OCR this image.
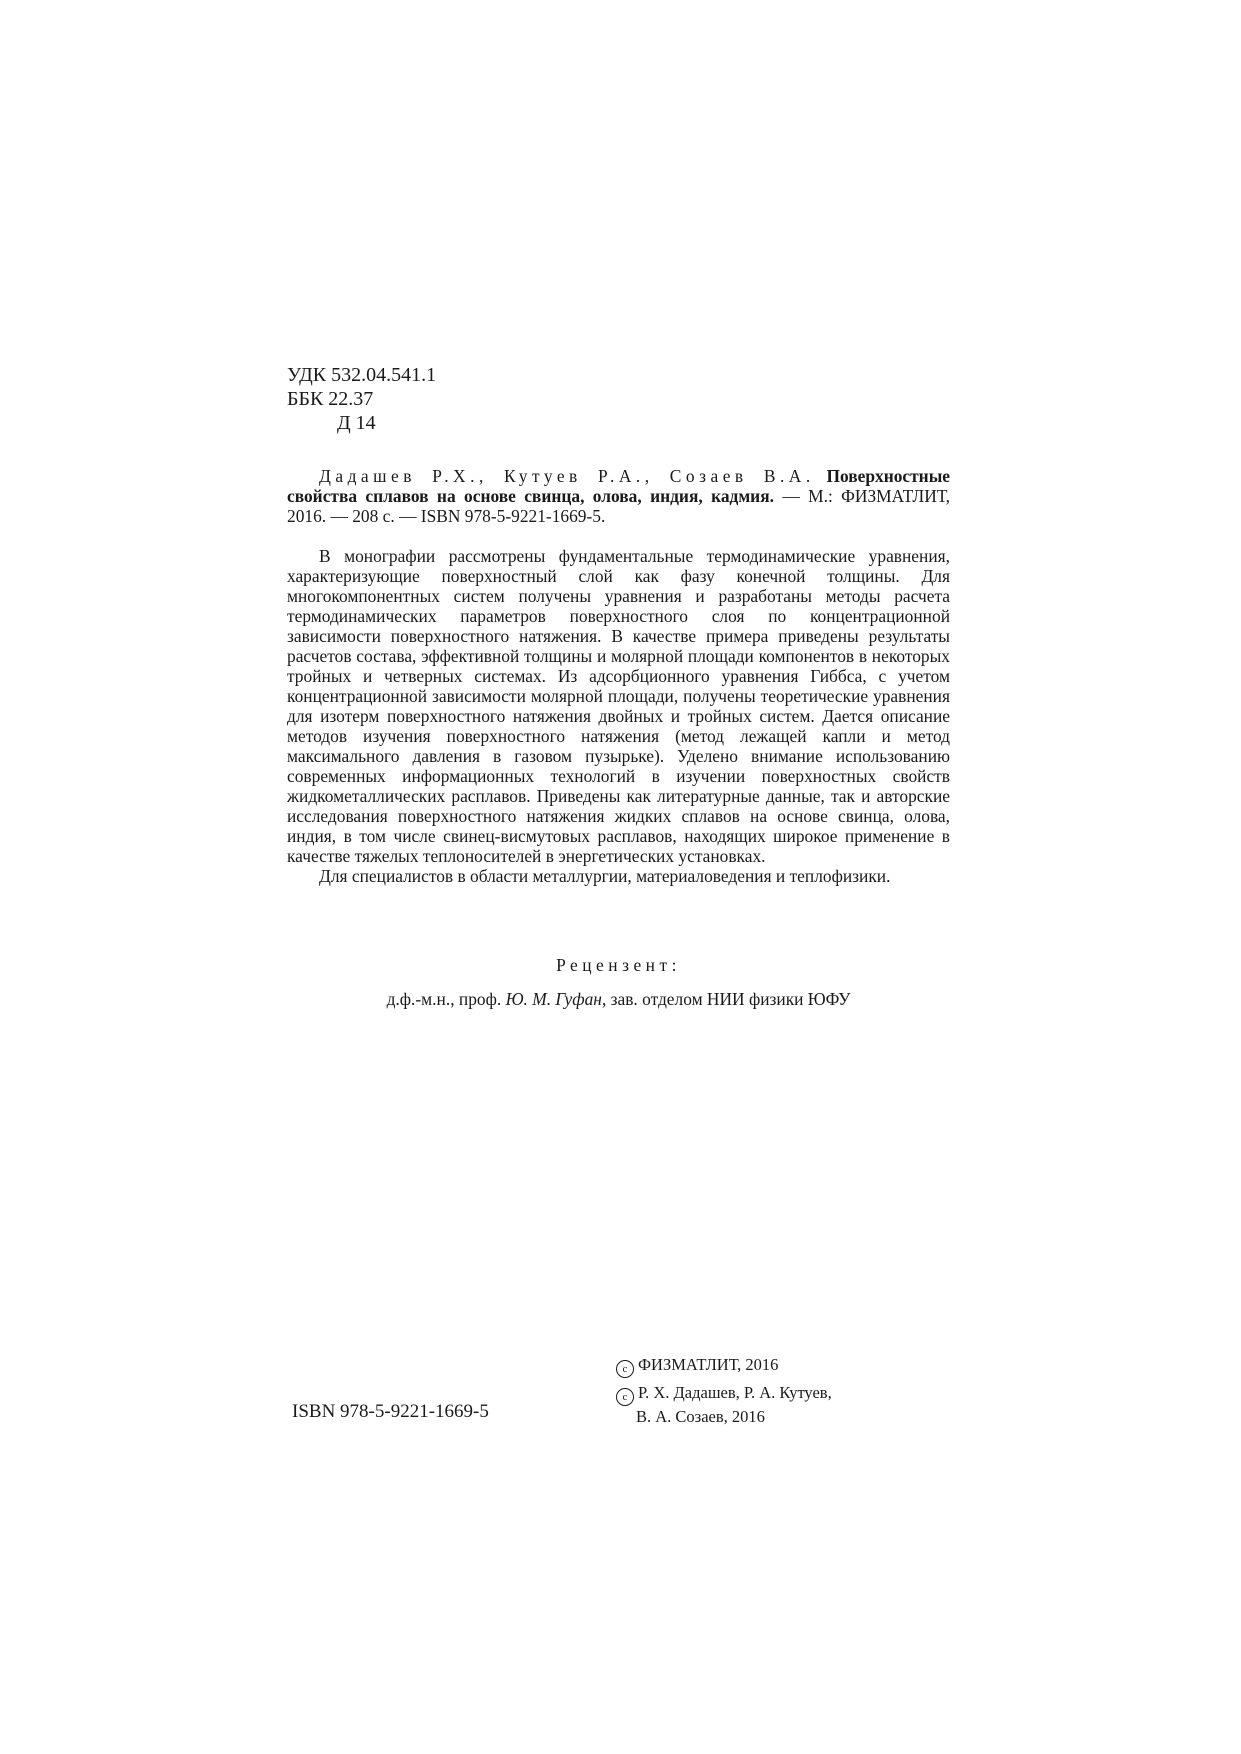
УДК 532.04.541.1
ББК 22.37
Д 14
Дадашев Р.Х., Кутуев Р.А., Созаев В.А. Поверхностные свойства сплавов на основе свинца, олова, индия, кадмия. — М.: ФИЗМАТЛИТ, 2016. — 208 с. — ISBN 978-5-9221-1669-5.

В монографии рассмотрены фундаментальные термодинамические уравнения, характеризующие поверхностный слой как фазу конечной толщины. Для многокомпонентных систем получены уравнения и разработаны методы расчета термодинамических параметров поверхностного слоя по концентрационной зависимости поверхностного натяжения. В качестве примера приведены результаты расчетов состава, эффективной толщины и молярной площади компонентов в некоторых тройных и четверных системах. Из адсорбционного уравнения Гиббса, с учетом концентрационной зависимости молярной площади, получены теоретические уравнения для изотерм поверхностного натяжения двойных и тройных систем. Дается описание методов изучения поверхностного натяжения (метод лежащей капли и метод максимального давления в газовом пузырьке). Уделено внимание использованию современных информационных технологий в изучении поверхностных свойств жидкометаллических расплавов. Приведены как литературные данные, так и авторские исследования поверхностного натяжения жидких сплавов на основе свинца, олова, индия, в том числе свинец-висмутовых расплавов, находящих широкое применение в качестве тяжелых теплоносителей в энергетических установках.

Для специалистов в области металлургии, материаловедения и теплофизики.

Рецензент:
д.ф.-м.н., проф. Ю. М. Гуфан, зав. отделом НИИ физики ЮФУ
ISBN 978-5-9221-1669-5
c ФИЗМАТЛИТ, 2016
c Р. Х. Дадашев, Р. А. Кутуев,
В. А. Созаев, 2016
